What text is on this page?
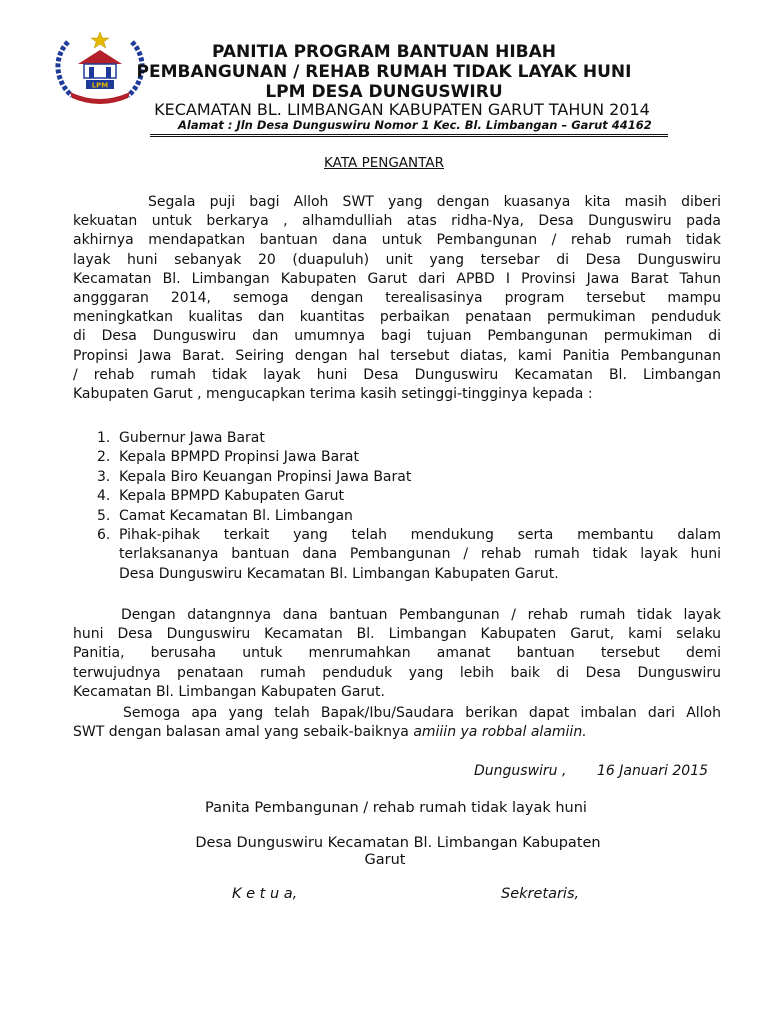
LPM
PANITIA PROGRAM BANTUAN HIBAH
PEMBANGUNAN / REHAB RUMAH TIDAK LAYAK HUNI
LPM DESA DUNGUSWIRU
KECAMATAN BL. LIMBANGAN KABUPATEN GARUT TAHUN 2014
Alamat : Jln Desa Dunguswiru Nomor 1 Kec. Bl. Limbangan – Garut 44162
KATA PENGANTAR
Segala puji bagi Alloh SWT yang dengan kuasanya kita masih diberi
kekuatan untuk berkarya , alhamdulliah atas ridha-Nya, Desa Dunguswiru pada
akhirnya mendapatkan bantuan dana untuk Pembangunan / rehab rumah tidak
layak huni sebanyak 20 (duapuluh) unit yang tersebar di Desa Dunguswiru
Kecamatan Bl. Limbangan Kabupaten Garut dari APBD I Provinsi Jawa Barat Tahun
angggaran 2014, semoga dengan terealisasinya program tersebut mampu
meningkatkan kualitas dan kuantitas perbaikan penataan permukiman penduduk
di Desa Dunguswiru dan umumnya bagi tujuan Pembangunan permukiman di
Propinsi Jawa Barat. Seiring dengan hal tersebut diatas, kami Panitia Pembangunan
/ rehab rumah tidak layak huni Desa Dunguswiru Kecamatan Bl. Limbangan
Kabupaten Garut , mengucapkan terima kasih setinggi-tingginya kepada :
1. Gubernur Jawa Barat
2. Kepala BPMPD Propinsi Jawa Barat
3. Kepala Biro Keuangan Propinsi Jawa Barat
4. Kepala BPMPD Kabupaten Garut
5. Camat Kecamatan Bl. Limbangan
6. Pihak-pihak terkait yang telah mendukung serta membantu dalam
terlaksananya bantuan dana Pembangunan / rehab rumah tidak layak huni
Desa Dunguswiru Kecamatan Bl. Limbangan Kabupaten Garut.
Dengan datangnnya dana bantuan Pembangunan / rehab rumah tidak layak
huni Desa Dunguswiru Kecamatan Bl. Limbangan Kabupaten Garut, kami selaku
Panitia, berusaha untuk menrumahkan amanat bantuan tersebut demi
terwujudnya penataan rumah penduduk yang lebih baik di Desa Dunguswiru
Kecamatan Bl. Limbangan Kabupaten Garut.
Semoga apa yang telah Bapak/Ibu/Saudara berikan dapat imbalan dari Alloh
SWT dengan balasan amal yang sebaik-baiknya amiiin ya robbal alamiin.
Dunguswiru , 16 Januari 2015
Panita Pembangunan / rehab rumah tidak layak huni
Desa Dunguswiru Kecamatan Bl. Limbangan Kabupaten
Garut
K e t u a,	Sekretaris,
